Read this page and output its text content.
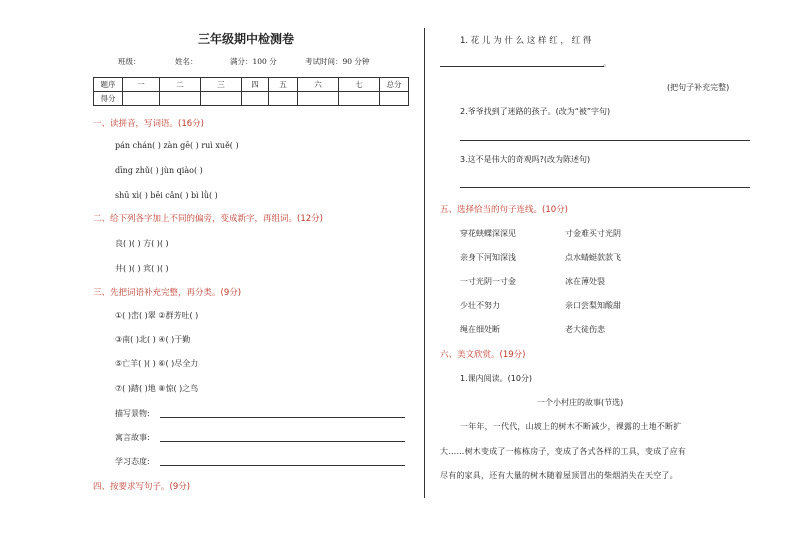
三年级期中检测卷
班级：	姓名：	满分：100 分	考试时间：90 分钟
题序	一	二	三	四	五	六	七	总分
得分								
一、读拼音，写词语。(16分)
pán chán( ) zàn gē( ) ruì xuě( )
dīng zhǔ( ) jùn qiào( )
shū xì( ) bēi cǎn( ) bì lǜ( )
二、给下列各字加上不同的偏旁，变成新字，再组词。(12分)
良( )( ) 方( )( )
井( )( ) 宾( )( )
三、先把词语补充完整，再分类。(9分)
①( )峦( )翠 ②群芳吐( )
③南( )北( ) ④( )于勤
⑤亡羊( )( ) ⑥( )尽全力
⑦( )踏( )地 ⑧惊( )之鸟
描写景物:
寓言故事:
学习态度:
四、按要求写句子。(9分)
1. 花 儿 为 什 么 这 样 红 ， 红 得
。
(把句子补充完整)
2.爷爷找到了迷路的孩子。(改为“被”字句)
3.这不是伟大的奇观吗?(改为陈述句)
五、选择恰当的句子连线。(10分)
穿花蛱蝶深深见	寸金难买寸光阴
亲身下河知深浅	点水蜻蜓款款飞
一寸光阴一寸金	冰在薄处裂
少壮不努力	亲口尝梨知酸甜
绳在细处断	老大徒伤悲
六、美文欣赏。(19分)
1.课内阅读。(10分)
一个小村庄的故事(节选)
一年年，一代代，山坡上的树木不断减少，裸露的土地不断扩
大……树木变成了一栋栋房子，变成了各式各样的工具，变成了应有
尽有的家具，还有大量的树木随着屋顶冒出的柴烟消失在天空了。
